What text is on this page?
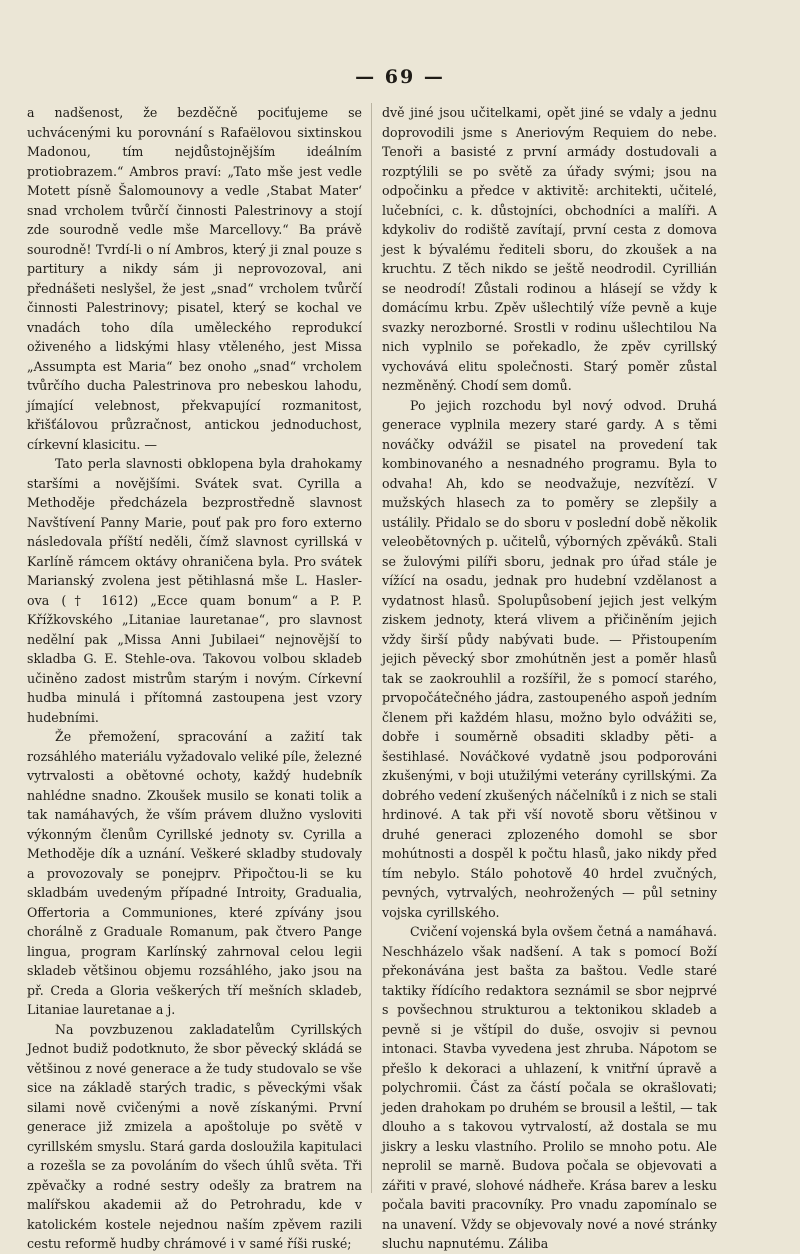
— 69 —

a nadšenost, že bezděčně pociťujeme se uchvácenými ku porovnání s Rafaëlovou sixtinskou Madonou, tím nejdůstojnějším ideálním protiobrazem.“ Ambros praví: „Tato mše jest vedle Motett písně Šalomounovy a vedle ‚Stabat Mater‘ snad vrcholem tvůrčí činnosti Palestrinovy a stojí zde sourodně vedle mše Marcellovy.“ Ba právě sourodně! Tvrdí-li o ní Ambros, který ji znal pouze s partitury a nikdy sám ji neprovozoval, ani přednášeti neslyšel, že jest „snad“ vrcholem tvůrčí činnosti Palestrinovy; pisatel, který se kochal ve vnadách toho díla uměleckého reprodukcí oživeného a lidskými hlasy vtěleného, jest Missa „Assumpta est Maria“ bez onoho „snad“ vrcholem tvůrčího ducha Palestrinova pro nebeskou lahodu, jímající velebnost, překvapující rozmanitost, křišťálovou průzračnost, antickou jednoduchost, církevní klasicitu. —

Tato perla slavnosti obklopena byla drahokamy staršími a novějšími. Svátek svat. Cyrilla a Methoděje předcházela bezprostředně slavnost Navštívení Panny Marie, pouť pak pro foro externo následovala příští neděli, čímž slavnost cyrillská v Karlíně rámcem oktávy ohraničena byla. Pro svátek Marianský zvolena jest pětihlasná mše L. Hasler-ova († 1612) „Ecce quam bonum“ a P. P. Křížkovského „Litaniae lauretanae“, pro slavnost nedělní pak „Missa Anni Jubilaei“ nejnovější to skladba G. E. Stehle-ova. Takovou volbou skladeb učiněno zadost mistrům starým i novým. Církevní hudba minulá i přítomná zastoupena jest vzory hudebními.

Že přemožení, spracování a zažití tak rozsáhlého materiálu vyžadovalo veliké píle, železné vytrvalosti a obětovné ochoty, každý hudebník nahlédne snadno. Zkoušek musilo se konati tolik a tak namáhavých, že vším právem dlužno vysloviti výkonným členům Cyrillské jednoty sv. Cyrilla a Methoděje dík a uznání. Veškeré skladby studovaly a provozovaly se ponejprv. Připočtou-li se ku skladbám uvedeným případné Introity, Gradualia, Offertoria a Communiones, které zpívány jsou chorálně z Graduale Romanum, pak čtvero Pange lingua, program Karlínský zahrnoval celou legii skladeb většinou objemu rozsáhlého, jako jsou na př. Creda a Gloria veškerých tří mešních skladeb, Litaniae lauretanae a j.

Na povzbuzenou zakladatelům Cyrillských Jednot budiž podotknuto, že sbor pěvecký skládá se většinou z nové generace a že tudy studovalo se vše sice na základě starých tradic, s pěveckými však silami nově cvičenými a nově získanými. První generace již zmizela a apoštoluje po světě v cyrillském smyslu. Stará garda dosloužila kapitulaci a rozešla se za povoláním do všech úhlů světa. Tři zpěvačky a rodné sestry odešly za bratrem na malířskou akademii až do Petrohradu, kde v katolickém kostele nejednou naším zpěvem razili cestu reformě hudby chrámové i v samé říši ruské;

dvě jiné jsou učitelkami, opět jiné se vdaly a jednu doprovodili jsme s Aneriovým Requiem do nebe. Tenoři a basisté z první armády dostudovali a rozptýlili se po světě za úřady svými; jsou na odpočinku a předce v aktivitě: architekti, učitelé, lučebníci, c. k. důstojníci, obchodníci a malíři. A kdykoliv do rodiště zavítají, první cesta z domova jest k bývalému řediteli sboru, do zkoušek a na kruchtu. Z těch nikdo se ještě neodrodil. Cyrillián se neodrodí! Zůstali rodinou a hlásejí se vždy k domácímu krbu. Zpěv ušlechtilý víže pevně a kuje svazky nerozborné. Srostli v rodinu ušlechtilou Na nich vyplnilo se pořekadlo, že zpěv cyrillský vychovává elitu společnosti. Starý poměr zůstal nezměněný. Chodí sem domů.

Po jejich rozchodu byl nový odvod. Druhá generace vyplnila mezery staré gardy. A s těmi nováčky odvážil se pisatel na provedení tak kombinovaného a nesnadného programu. Byla to odvaha! Ah, kdo se neodvažuje, nezvítězí. V mužských hlasech za to poměry se zlepšily a ustálily. Přidalo se do sboru v poslední době několik veleobětovných p. učitelů, výborných zpěváků. Stali se žulovými pilíři sboru, jednak pro úřad stále je vížící na osadu, jednak pro hudební vzdělanost a vydatnost hlasů. Spolupůsobení jejich jest velkým ziskem jednoty, která vlivem a přičiněním jejich vždy širší půdy nabývati bude. — Přistoupením jejich pěvecký sbor zmohútněn jest a poměr hlasů tak se zaokrouhlil a rozšířil, že s pomocí starého, prvopočátečného jádra, zastoupeného aspoň jedním členem při každém hlasu, možno bylo odvážiti se, dobře i souměrně obsaditi skladby pěti- a šestihlasé. Nováčkové vydatně jsou podporováni zkušenými, v boji utužilými veterány cyrillskými. Za dobrého vedení zkušených náčelníků i z nich se stali hrdinové. A tak při vší novotě sboru většinou v druhé generaci zplozeného domohl se sbor mohútnosti a dospěl k počtu hlasů, jako nikdy před tím nebylo. Stálo pohotově 40 hrdel zvučných, pevných, vytrvalých, neohrožených — půl setniny vojska cyrillského.

Cvičení vojenská byla ovšem četná a namáhavá. Neschházelo však nadšení. A tak s pomocí Boží překonávána jest bašta za baštou. Vedle staré taktiky řídícího redaktora seznámil se sbor nejprvé s povšechnou strukturou a tektonikou skladeb a pevně si je vštípil do duše, osvojiv si pevnou intonaci. Stavba vyvedena jest zhruba. Nápotom se přešlo k dekoraci a uhlazení, k vnitřní úpravě a polychromii. Část za částí počala se okrašlovati; jeden drahokam po druhém se brousil a leštil, — tak dlouho a s takovou vytrvalostí, až dostala se mu jiskry a lesku vlastního. Prolilo se mnoho potu. Ale neprolil se marně. Budova počala se objevovati a zářiti v pravé, slohové nádheře. Krása barev a lesku počala baviti pracovníky. Pro vnadu zapomínalo se na unavení. Vždy se objevovaly nové a nové stránky sluchu napnutému. Záliba
